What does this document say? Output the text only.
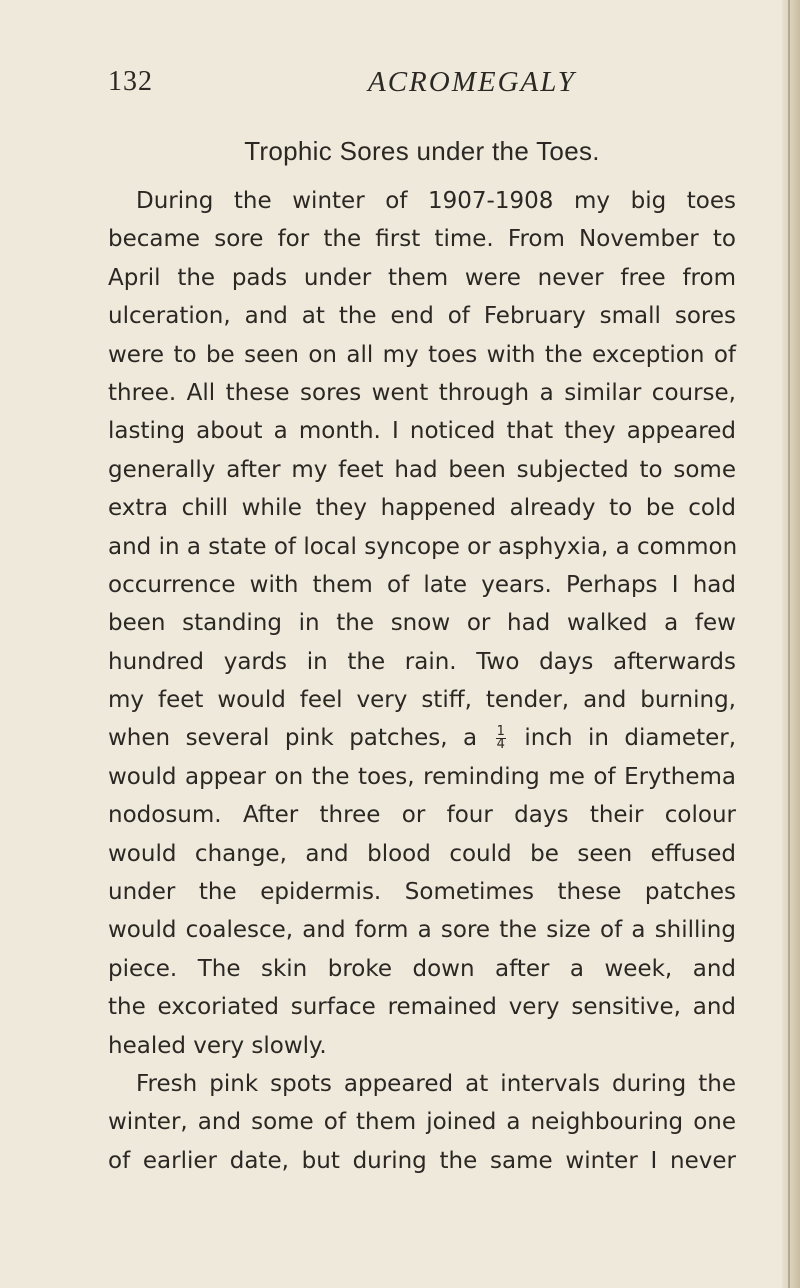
132	ACROMEGALY
Trophic Sores under the Toes.
During the winter of 1907-1908 my big toes
became sore for the first time. From November to
April the pads under them were never free from
ulceration, and at the end of February small sores
were to be seen on all my toes with the exception of
three. All these sores went through a similar course,
lasting about a month. I noticed that they appeared
generally after my feet had been subjected to some
extra chill while they happened already to be cold
and in a state of local syncope or asphyxia, a common
occurrence with them of late years. Perhaps I had
been standing in the snow or had walked a few
hundred yards in the rain. Two days afterwards
my feet would feel very stiff, tender, and burning,
when several pink patches, a $\frac{1}{4}$ inch in diameter,
would appear on the toes, reminding me of Erythema
nodosum. After three or four days their colour
would change, and blood could be seen effused
under the epidermis. Sometimes these patches
would coalesce, and form a sore the size of a shilling
piece. The skin broke down after a week, and
the excoriated surface remained very sensitive, and
healed very slowly.
Fresh pink spots appeared at intervals during the
winter, and some of them joined a neighbouring one
of earlier date, but during the same winter I never
